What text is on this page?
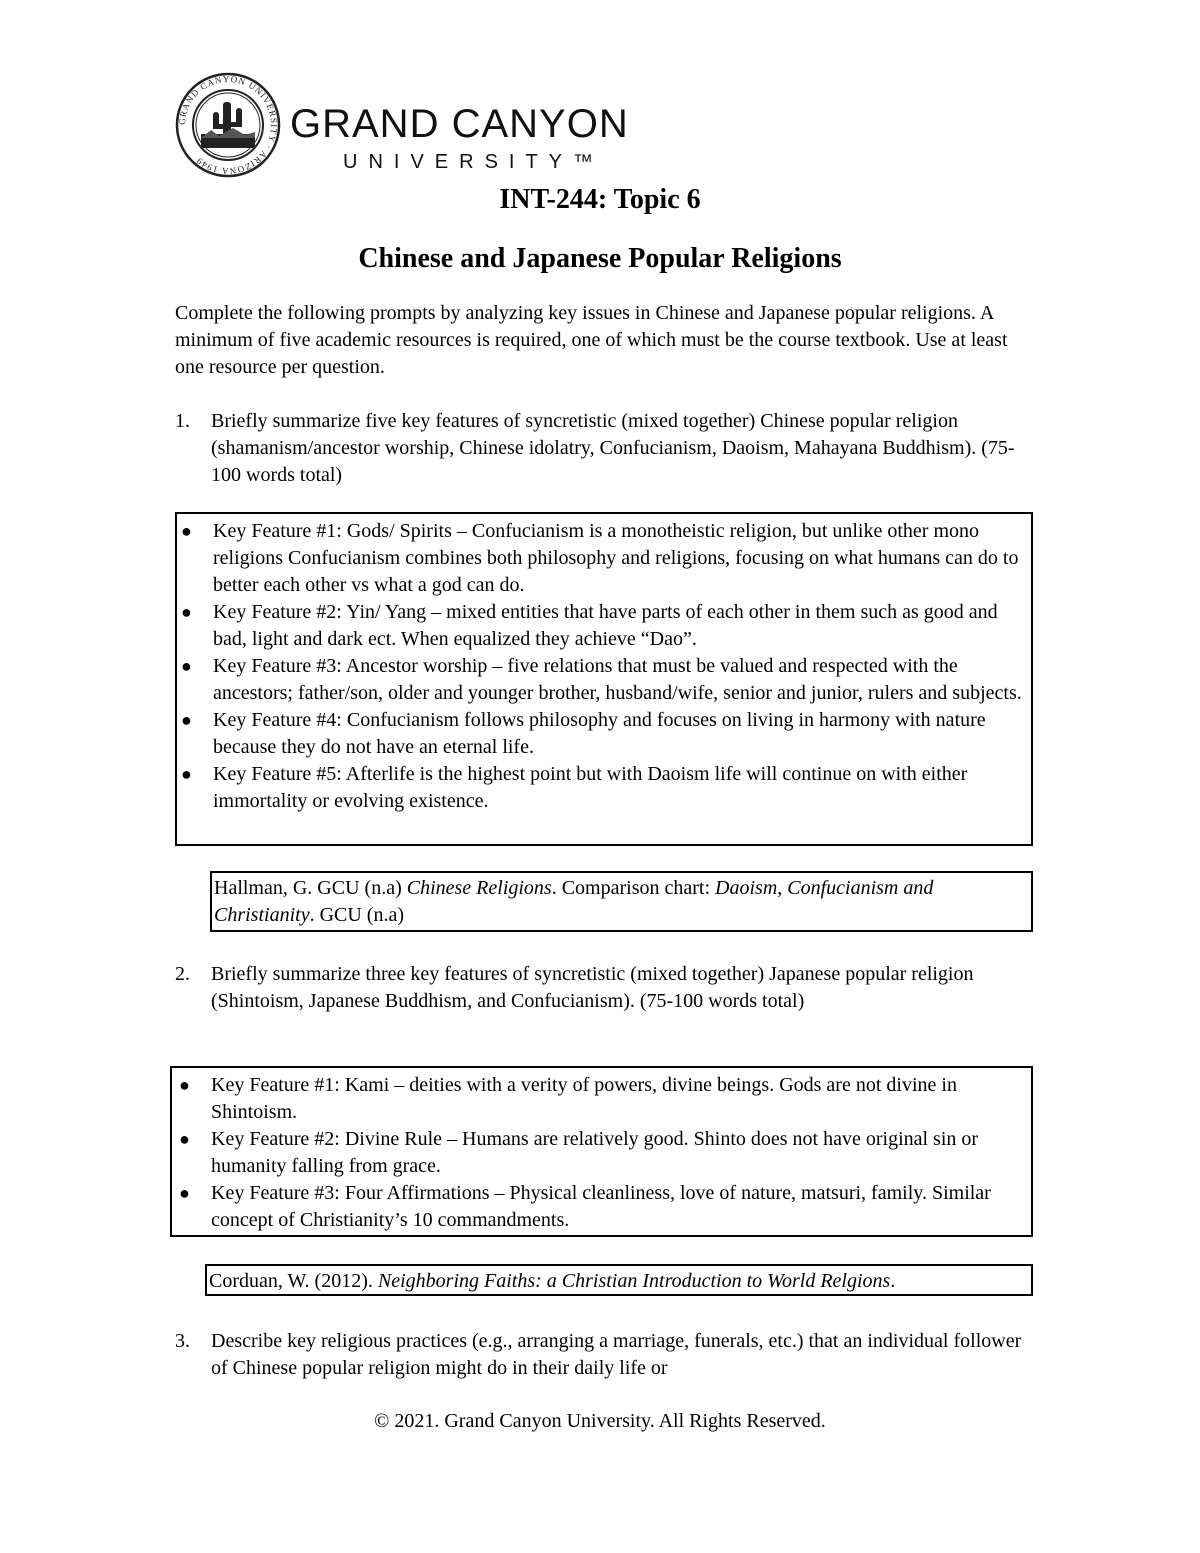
GRAND CANYON UNIVERSITY · ARIZONA 1949
GRAND CANYON
UNIVERSITY™
INT-244: Topic 6
Chinese and Japanese Popular Religions
Complete the following prompts by analyzing key issues in Chinese and Japanese popular religions. A minimum of five academic resources is required, one of which must be the course textbook. Use at least one resource per question.
1. Briefly summarize five key features of syncretistic (mixed together) Chinese popular religion (shamanism/ancestor worship, Chinese idolatry, Confucianism, Daoism, Mahayana Buddhism). (75-100 words total)
● Key Feature #1: Gods/ Spirits – Confucianism is a monotheistic religion, but unlike other mono religions Confucianism combines both philosophy and religions, focusing on what humans can do to better each other vs what a god can do.
● Key Feature #2: Yin/ Yang – mixed entities that have parts of each other in them such as good and bad, light and dark ect. When equalized they achieve “Dao”.
● Key Feature #3: Ancestor worship – five relations that must be valued and respected with the ancestors; father/son, older and younger brother, husband/wife, senior and junior, rulers and subjects.
● Key Feature #4: Confucianism follows philosophy and focuses on living in harmony with nature because they do not have an eternal life.
● Key Feature #5: Afterlife is the highest point but with Daoism life will continue on with either immortality or evolving existence.
Hallman, G. GCU (n.a) Chinese Religions. Comparison chart: Daoism, Confucianism and Christianity. GCU (n.a)
2. Briefly summarize three key features of syncretistic (mixed together) Japanese popular religion (Shintoism, Japanese Buddhism, and Confucianism). (75-100 words total)
● Key Feature #1: Kami – deities with a verity of powers, divine beings. Gods are not divine in Shintoism.
● Key Feature #2: Divine Rule – Humans are relatively good. Shinto does not have original sin or humanity falling from grace.
● Key Feature #3: Four Affirmations – Physical cleanliness, love of nature, matsuri, family. Similar concept of Christianity’s 10 commandments.
Corduan, W. (2012). Neighboring Faiths: a Christian Introduction to World Relgions.
3. Describe key religious practices (e.g., arranging a marriage, funerals, etc.) that an individual follower of Chinese popular religion might do in their daily life or
© 2021. Grand Canyon University. All Rights Reserved.
